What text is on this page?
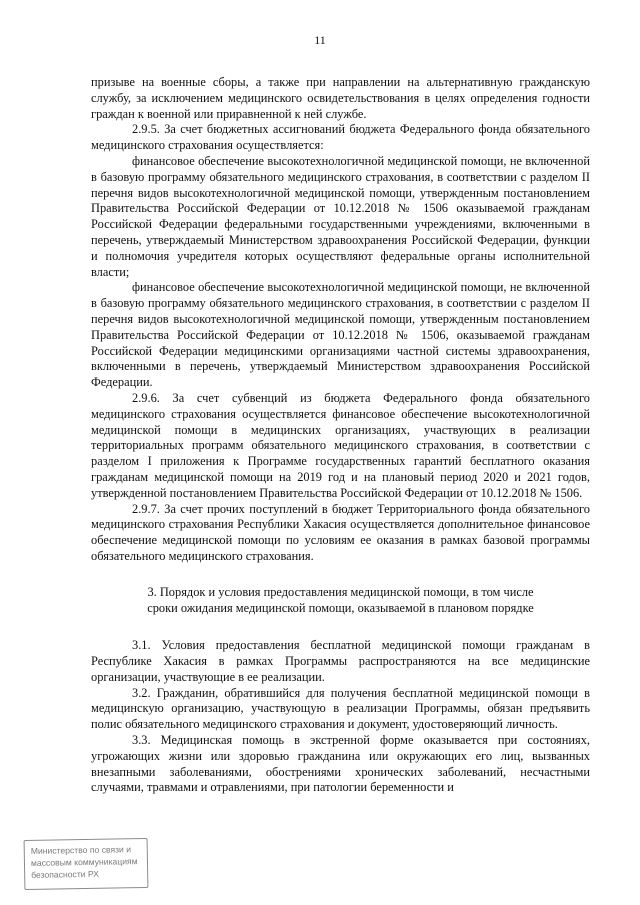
11

призыве на военные сборы, а также при направлении на альтернативную гражданскую службу, за исключением медицинского освидетельствования в целях определения годности граждан к военной или приравненной к ней службе.

2.9.5. За счет бюджетных ассигнований бюджета Федерального фонда обязательного медицинского страхования осуществляется:

финансовое обеспечение высокотехнологичной медицинской помощи, не включенной в базовую программу обязательного медицинского страхования, в соответствии с разделом II перечня видов высокотехнологичной медицинской помощи, утвержденным постановлением Правительства Российской Федерации от 10.12.2018 № 1506 оказываемой гражданам Российской Федерации федеральными государственными учреждениями, включенными в перечень, утверждаемый Министерством здравоохранения Российской Федерации, функции и полномочия учредителя которых осуществляют федеральные органы исполнительной власти;

финансовое обеспечение высокотехнологичной медицинской помощи, не включенной в базовую программу обязательного медицинского страхования, в соответствии с разделом II перечня видов высокотехнологичной медицинской помощи, утвержденным постановлением Правительства Российской Федерации от 10.12.2018 № 1506, оказываемой гражданам Российской Федерации медицинскими организациями частной системы здравоохранения, включенными в перечень, утверждаемый Министерством здравоохранения Российской Федерации.

2.9.6. За счет субвенций из бюджета Федерального фонда обязательного медицинского страхования осуществляется финансовое обеспечение высокотехнологичной медицинской помощи в медицинских организациях, участвующих в реализации территориальных программ обязательного медицинского страхования, в соответствии с разделом I приложения к Программе государственных гарантий бесплатного оказания гражданам медицинской помощи на 2019 год и на плановый период 2020 и 2021 годов, утвержденной постановлением Правительства Российской Федерации от 10.12.2018 № 1506.

2.9.7. За счет прочих поступлений в бюджет Территориального фонда обязательного медицинского страхования Республики Хакасия осуществляется дополнительное финансовое обеспечение медицинской помощи по условиям ее оказания в рамках базовой программы обязательного медицинского страхования.

3. Порядок и условия предоставления медицинской помощи, в том числе
сроки ожидания медицинской помощи, оказываемой в плановом порядке

3.1. Условия предоставления бесплатной медицинской помощи гражданам в Республике Хакасия в рамках Программы распространяются на все медицинские организации, участвующие в ее реализации.

3.2. Гражданин, обратившийся для получения бесплатной медицинской помощи в медицинскую организацию, участвующую в реализации Программы, обязан предъявить полис обязательного медицинского страхования и документ, удостоверяющий личность.

3.3. Медицинская помощь в экстренной форме оказывается при состояниях, угрожающих жизни или здоровью гражданина или окружающих его лиц, вызванных внезапными заболеваниями, обострениями хронических заболеваний, несчастными случаями, травмами и отравлениями, при патологии беременности и

Министерство по связи и
массовым коммуникациям
безопасности РХ
